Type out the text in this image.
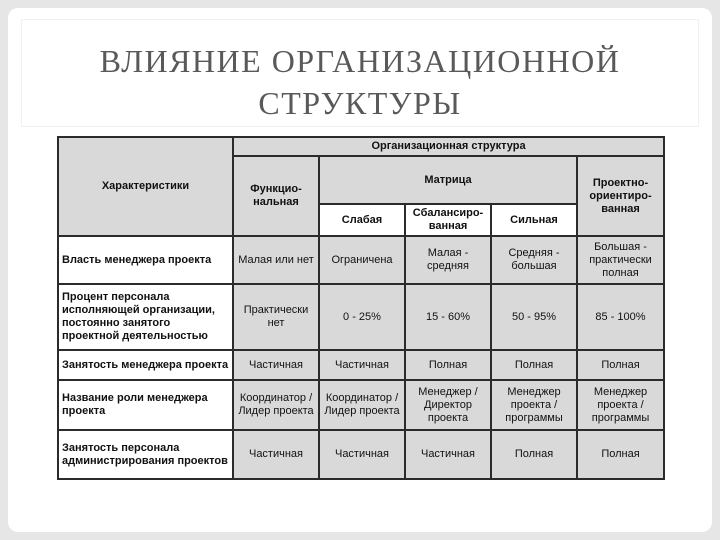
ВЛИЯНИЕ ОРГАНИЗАЦИОННОЙ
СТРУКТУРЫ
Характеристики	Организационная структура				
	Функцио-нальная	Матрица			Проектно-ориентиро-ванная
		Слабая	Сбалансиро-ванная	Сильная	
Власть менеджера проекта	Малая или нет	Ограничена	Малая - средняя	Средняя - большая	Большая - практически полная
Процент персонала исполняющей организации, постоянно занятого проектной деятельностью	Практически нет	0 - 25%	15 - 60%	50 - 95%	85 - 100%
Занятость менеджера проекта	Частичная	Частичная	Полная	Полная	Полная
Название роли менеджера проекта	Координатор / Лидер проекта	Координатор / Лидер проекта	Менеджер / Директор проекта	Менеджер проекта / программы	Менеджер проекта / программы
Занятость персонала администрирования проектов	Частичная	Частичная	Частичная	Полная	Полная
